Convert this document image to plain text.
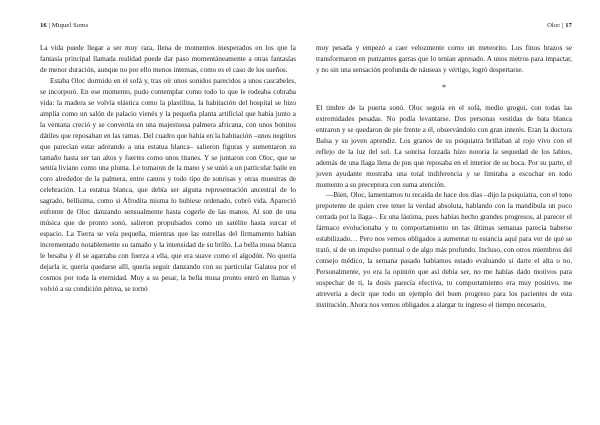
16 | Miquel Soms

La vida puede llegar a ser muy rara, llena de momentos inesperados en los que la fantasía principal llamada realidad puede dar paso momentáneamente a otras fantasías de menor duración, aunque no por ello menos intensas, como es el caso de los sueños.

Estaba Oloc dormido en el sofá y, tras oír unos sonidos parecidos a unos cascabeles, se incorporó. En ese momento, pudo contemplar como todo lo que le rodeaba cobraba vida: la madera se volvía elástica como la plastilina, la habitación del hospital se hizo amplia como un salón de palacio vienés y la pequeña planta artificial que había junto a la ventana creció y se convertía en una majestuosa palmera africana, con unos bonitos dátiles que reposaban en las ramas. Del cuadro que había en la habitación –unos negritos que parecían estar adorando a una estatua blanca– salieron figuras y aumentaron su tamaño hasta ser tan altos y fuertes como unos titanes. Y se juntaron con Oloc, que se sentía liviano como una pluma. Le tomaron de la mano y se unió a un particular baile en coro alrededor de la palmera, entre cantos y todo tipo de sonrisas y otras muestras de celebración. La estatua blanca, que debía ser alguna representación ancestral de lo sagrado, bellísima, como si Afrodita misma lo hubiese ordenado, cobró vida. Apareció enfrente de Oloc danzando sensualmente hasta cogerle de las manos. Al son de una música que de pronto sonó, salieron propulsados como un satélite hasta surcar el espacio. La Tierra se veía pequeña, mientras que las estrellas del firmamento habían incrementado notablemente su tamaño y la intensidad de su brillo. La bella musa blanca le besaba y él se agarraba con fuerza a ella, que era suave como el algodón. No quería dejarla ir, quería quedarse allí, quería seguir danzando con su particular Galatea por el cosmos por toda la eternidad. Muy a su pesar, la bella musa pronto entró en llamas y volvió a su condición pétrea, se tornó

Oloc | 17

muy pesada y empezó a caer velozmente como un meteorito. Los finos brazos se transformaron en punzantes garras que lo tenían apresado. A unos metros para impactar, y no sin una sensación profunda de náuseas y vértigo, logró despertarse.

*

El timbre de la puerta sonó. Oloc seguía en el sofá, medio grogui, con todas las extremidades pesadas. No podía levantarse. Dos personas vestidas de bata blanca entraron y se quedaron de pie frente a él, observándolo con gran interés. Eran la doctora Balsa y su joven aprendiz. Los granos de su psiquiatra brillaban al rojo vivo con el reflejo de la luz del sol. La sonrisa forzada hizo notoria la sequedad de los labios, además de una llaga llena de pus que reposaba en el interior de su boca. Por su parte, el joven ayudante mostraba una total indiferencia y se limitaba a escuchar en todo momento a su preceptora con suma atención.

—Bien, Oloc, lamentamos tu recaída de hace dos días –dijo la psiquiatra, con el tono prepotente de quien cree tener la verdad absoluta, hablando con la mandíbula un poco cerrada por la llaga–. Es una lástima, pues habías hecho grandes progresos, al parecer el fármaco evolucionaba y tu comportamiento en las últimas semanas parecía haberse estabilizado… Pero nos vemos obligados a aumentar tu estancia aquí para ver de qué se trató, si de un impulso puntual o de algo más profundo. Incluso, con otros miembros del consejo médico, la semana pasado habíamos estado evaluando si darte el alta o no. Personalmente, yo era la opinión que así debía ser, no me habías dado motivos para sospechar de ti, la dosis parecía efectiva, tu comportamiento era muy positivo, me atrevería a decir que todo un ejemplo del buen progreso para los pacientes de esta institución. Ahora nos vemos obligados a alargar tu ingreso el tiempo necesario,
